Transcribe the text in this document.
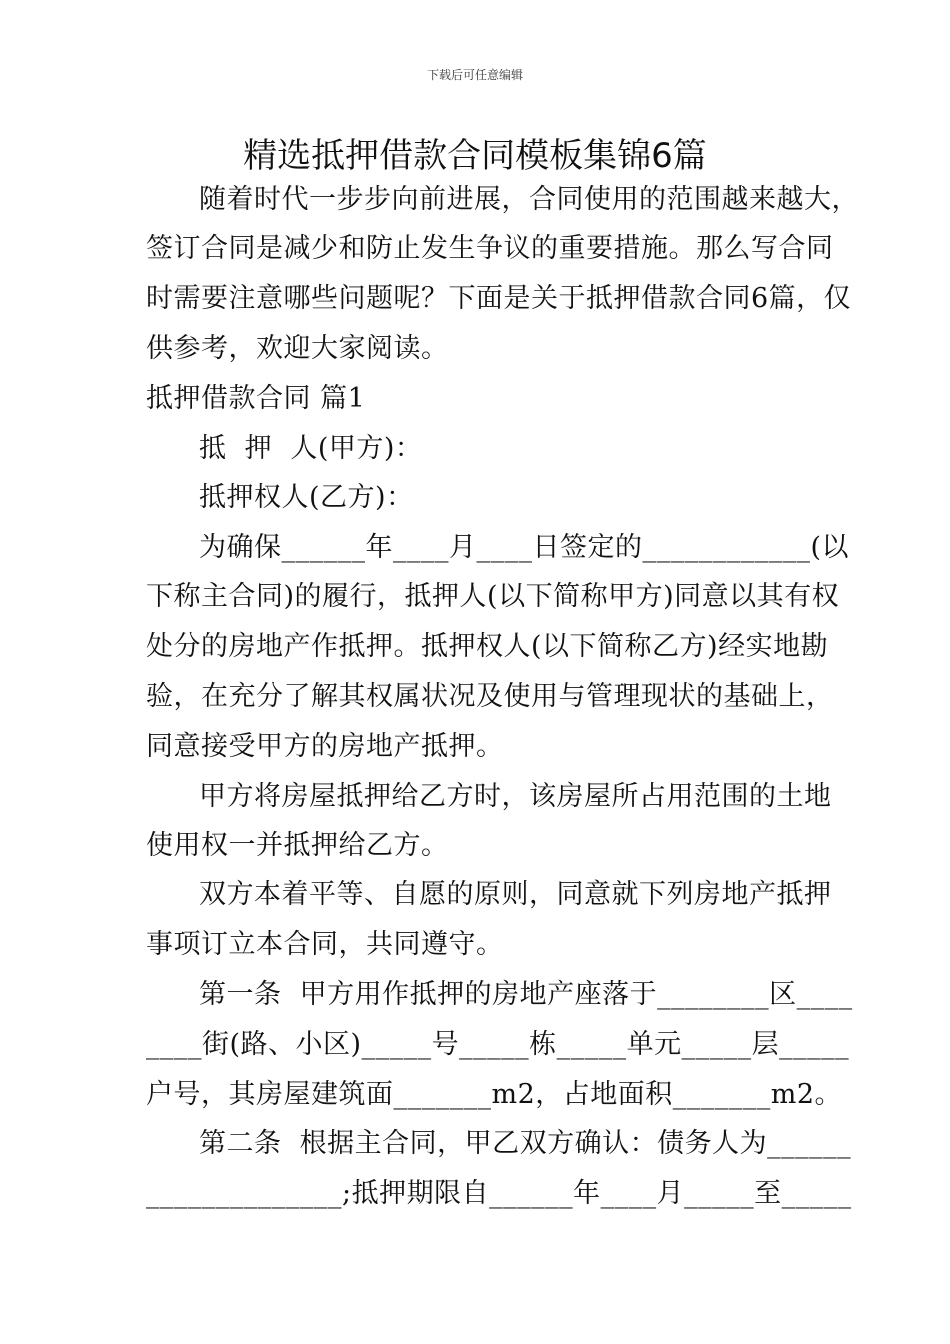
下载后可任意编辑
精选抵押借款合同模板集锦6篇
随着时代一步步向前进展，合同使用的范围越来越大，
签订合同是减少和防止发生争议的重要措施。那么写合同
时需要注意哪些问题呢？下面是关于抵押借款合同6篇，仅
供参考，欢迎大家阅读。
抵押借款合同 篇1
抵  押  人(甲方)：
抵押权人(乙方)：
为确保______年____月____日签定的____________(以
下称主合同)的履行，抵押人(以下简称甲方)同意以其有权
处分的房地产作抵押。抵押权人(以下简称乙方)经实地勘
验，在充分了解其权属状况及使用与管理现状的基础上，
同意接受甲方的房地产抵押。
甲方将房屋抵押给乙方时，该房屋所占用范围的土地
使用权一并抵押给乙方。
双方本着平等、自愿的原则，同意就下列房地产抵押
事项订立本合同，共同遵守。
第一条  甲方用作抵押的房地产座落于________区____
____街(路、小区)_____号_____栋_____单元_____层_____
户号，其房屋建筑面_______m2，占地面积_______m2。
第二条  根据主合同，甲乙双方确认：债务人为______
______________;抵押期限自______年____月_____至_____
